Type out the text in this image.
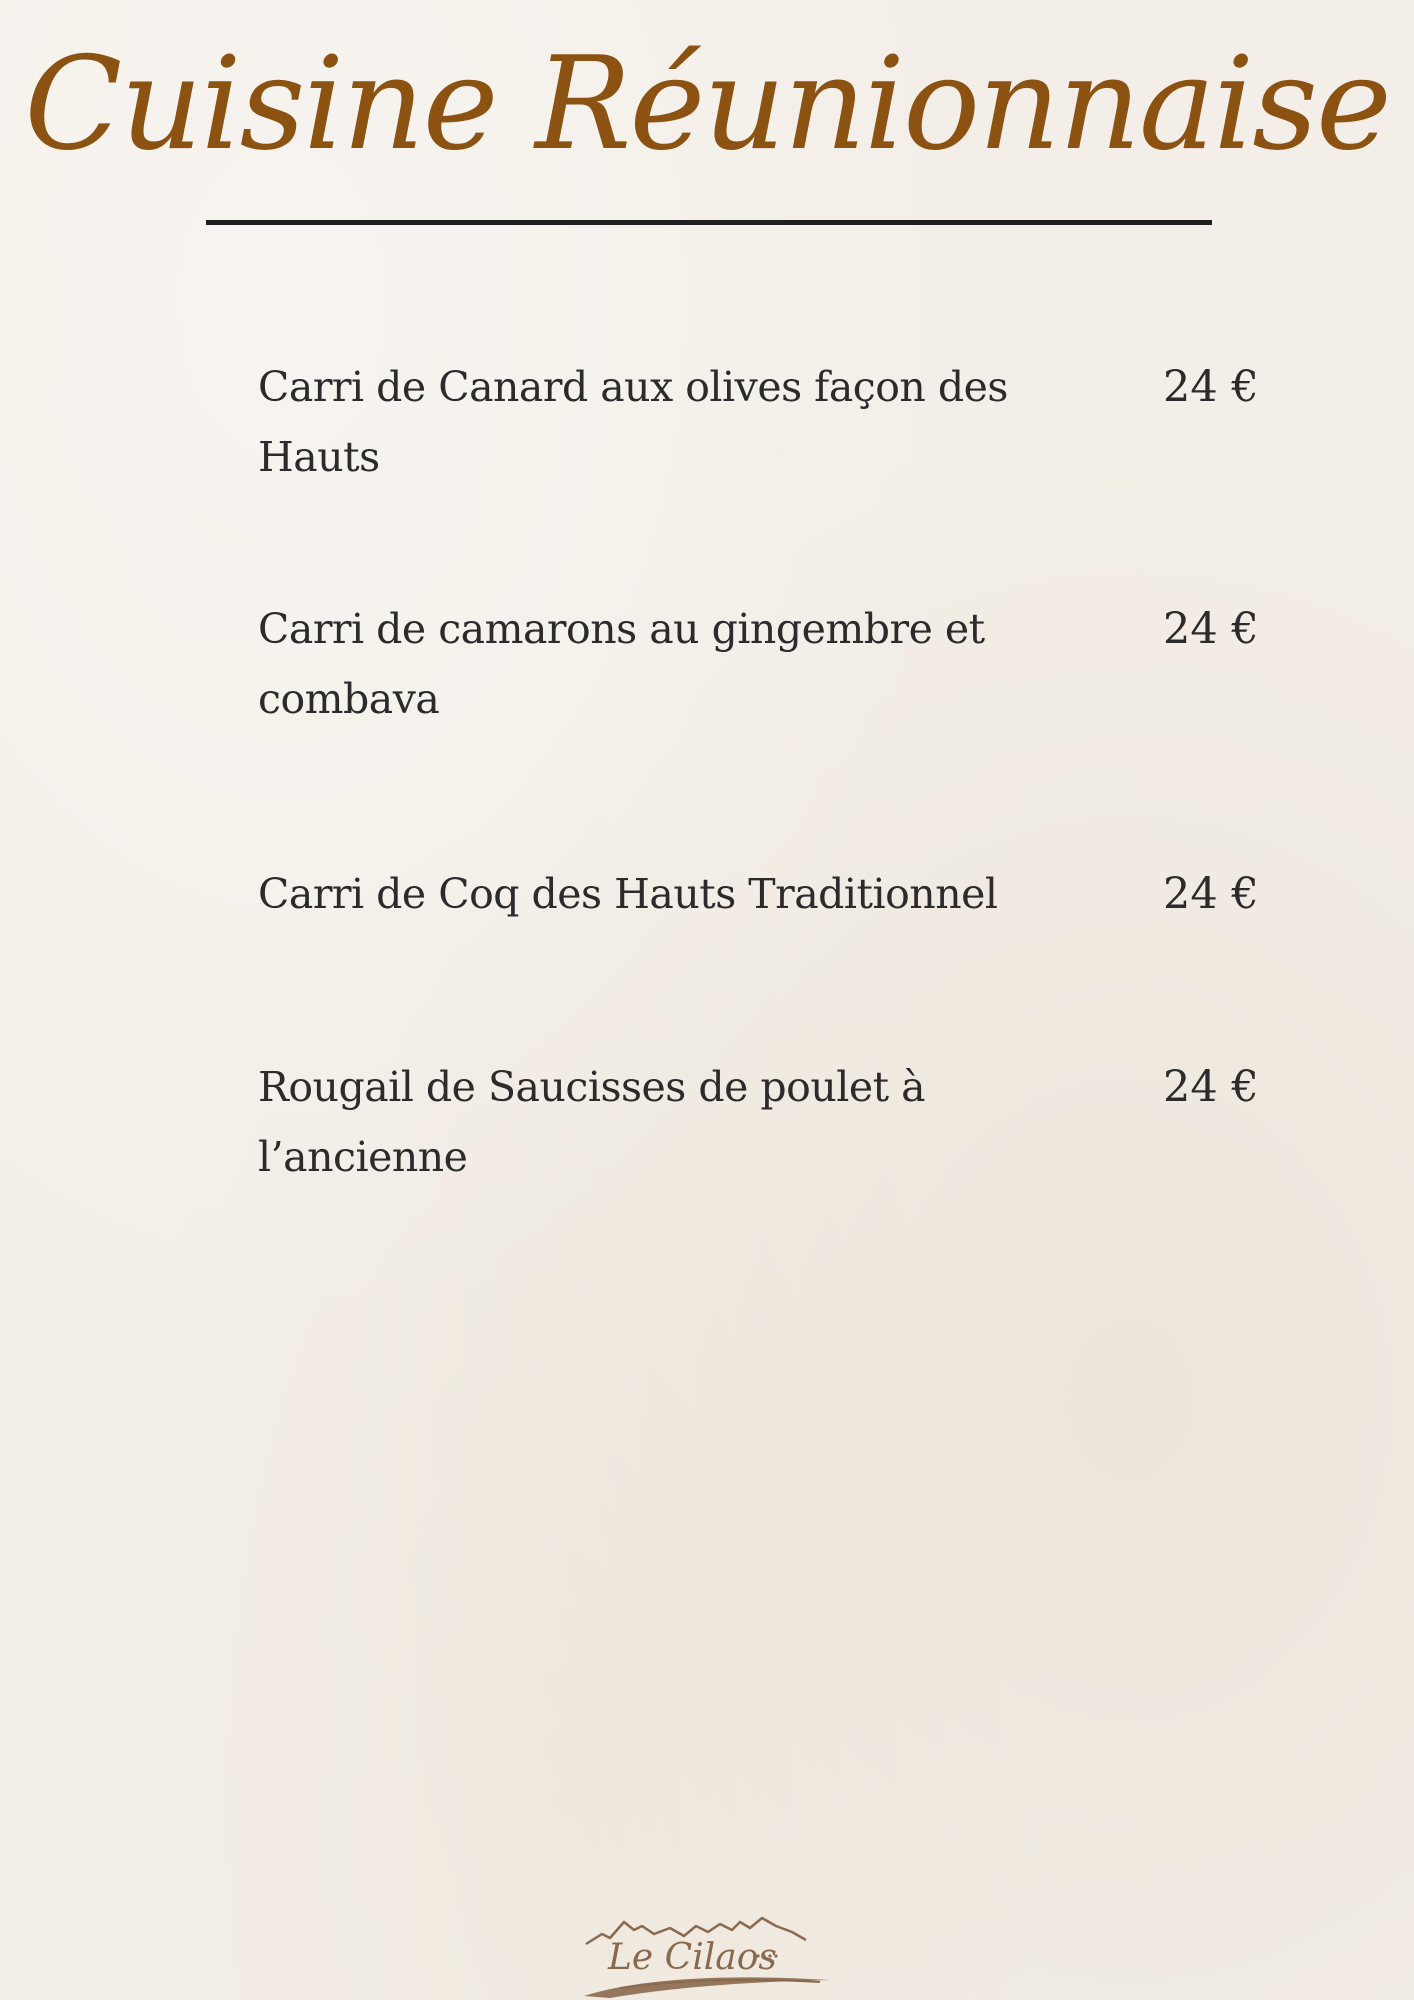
Cuisine Réunionnaise
Carri de Canard aux olives façon des Hauts
24 €
Carri de camarons au gingembre et combava
24 €
Carri de Coq des Hauts Traditionnel	24 €
Rougail de Saucisses de poulet à l’ancienne
24 €
Le Cilaos
